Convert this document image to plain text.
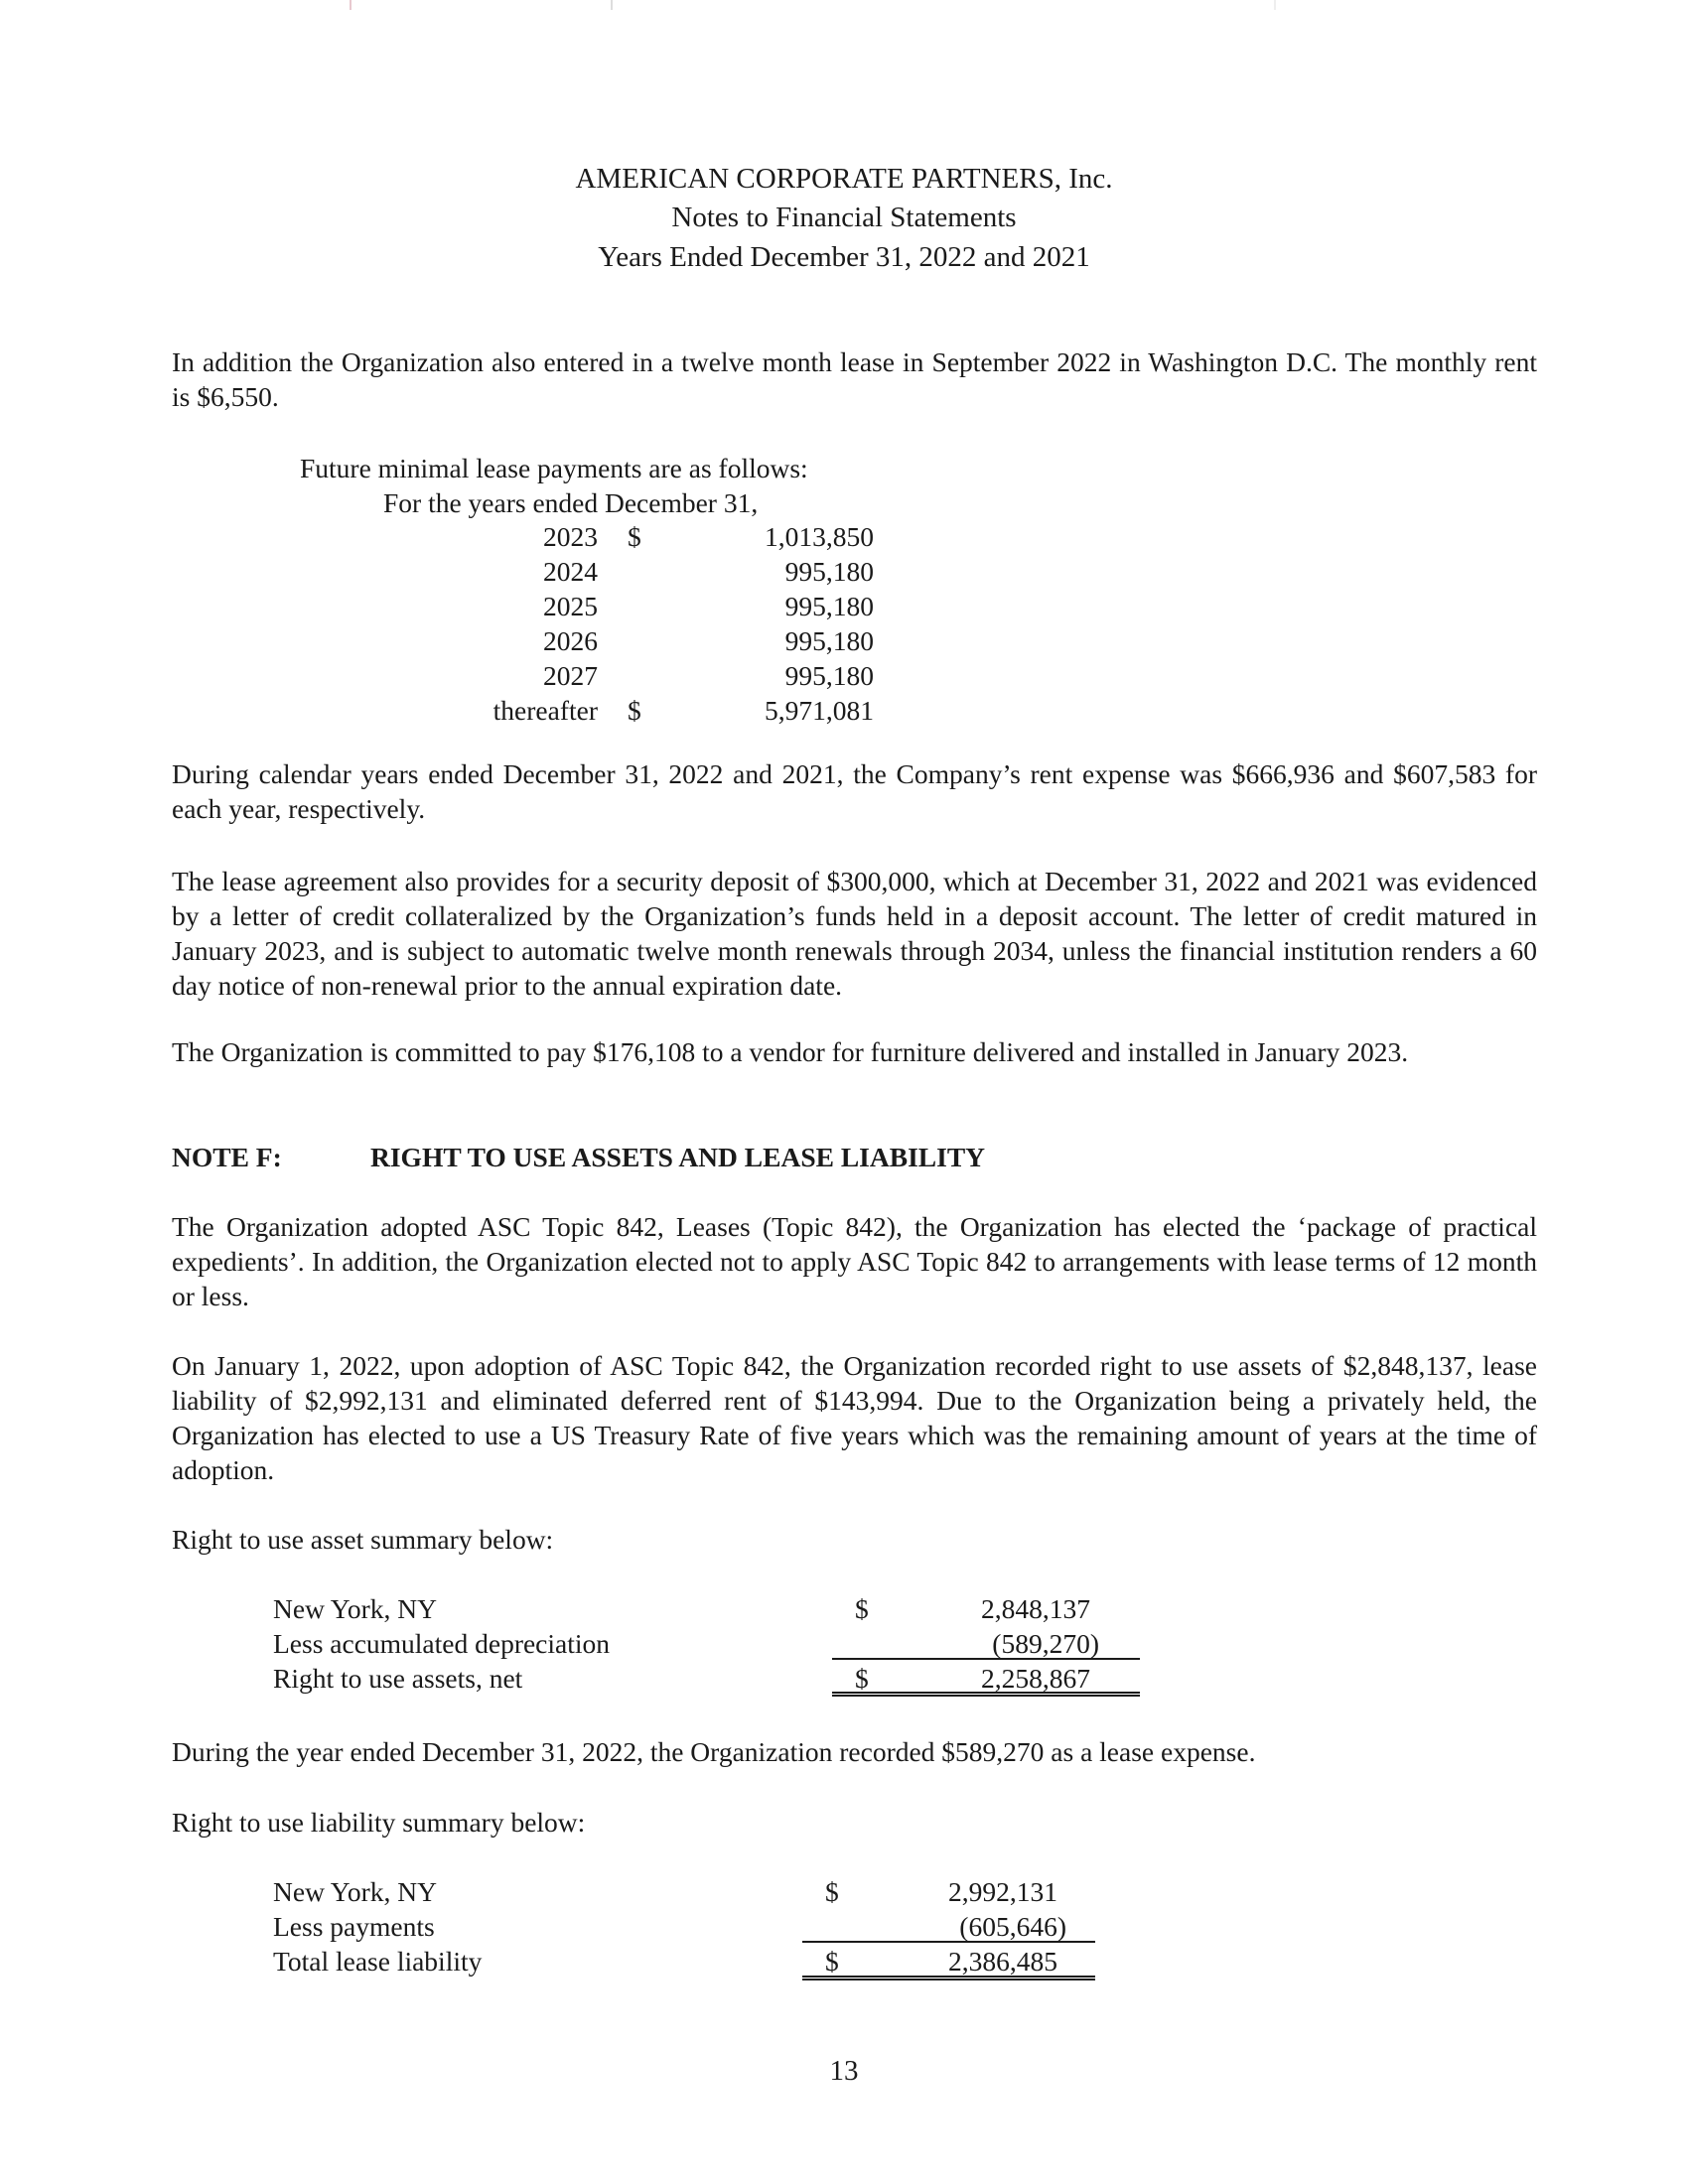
AMERICAN CORPORATE PARTNERS, Inc.
Notes to Financial Statements
Years Ended December 31, 2022 and 2021
In addition the Organization also entered in a twelve month lease in September 2022 in Washington D.C. The monthly rent is $6,550.
Future minimal lease payments are as follows:
For the years ended December 31,
2023 $	1,013,850
2024	995,180
2025	995,180
2026	995,180
2027	995,180
thereafter $	5,971,081
During calendar years ended December 31, 2022 and 2021, the Company’s rent expense was $666,936 and $607,583 for each year, respectively.
The lease agreement also provides for a security deposit of $300,000, which at December 31, 2022 and 2021 was evidenced by a letter of credit collateralized by the Organization’s funds held in a deposit account. The letter of credit matured in January 2023, and is subject to automatic twelve month renewals through 2034, unless the financial institution renders a 60 day notice of non-renewal prior to the annual expiration date.
The Organization is committed to pay $176,108 to a vendor for furniture delivered and installed in January 2023.
NOTE F:	RIGHT TO USE ASSETS AND LEASE LIABILITY
The Organization adopted ASC Topic 842, Leases (Topic 842), the Organization has elected the ‘package of practical expedients’. In addition, the Organization elected not to apply ASC Topic 842 to arrangements with lease terms of 12 month or less.
On January 1, 2022, upon adoption of ASC Topic 842, the Organization recorded right to use assets of $2,848,137, lease liability of $2,992,131 and eliminated deferred rent of $143,994. Due to the Organization being a privately held, the Organization has elected to use a US Treasury Rate of five years which was the remaining amount of years at the time of adoption.
Right to use asset summary below:
New York, NY	$	2,848,137
Less accumulated depreciation	(589,270)
Right to use assets, net	$	2,258,867
During the year ended December 31, 2022, the Organization recorded $589,270 as a lease expense.
Right to use liability summary below:
New York, NY	$	2,992,131
Less payments	(605,646)
Total lease liability	$	2,386,485
13
